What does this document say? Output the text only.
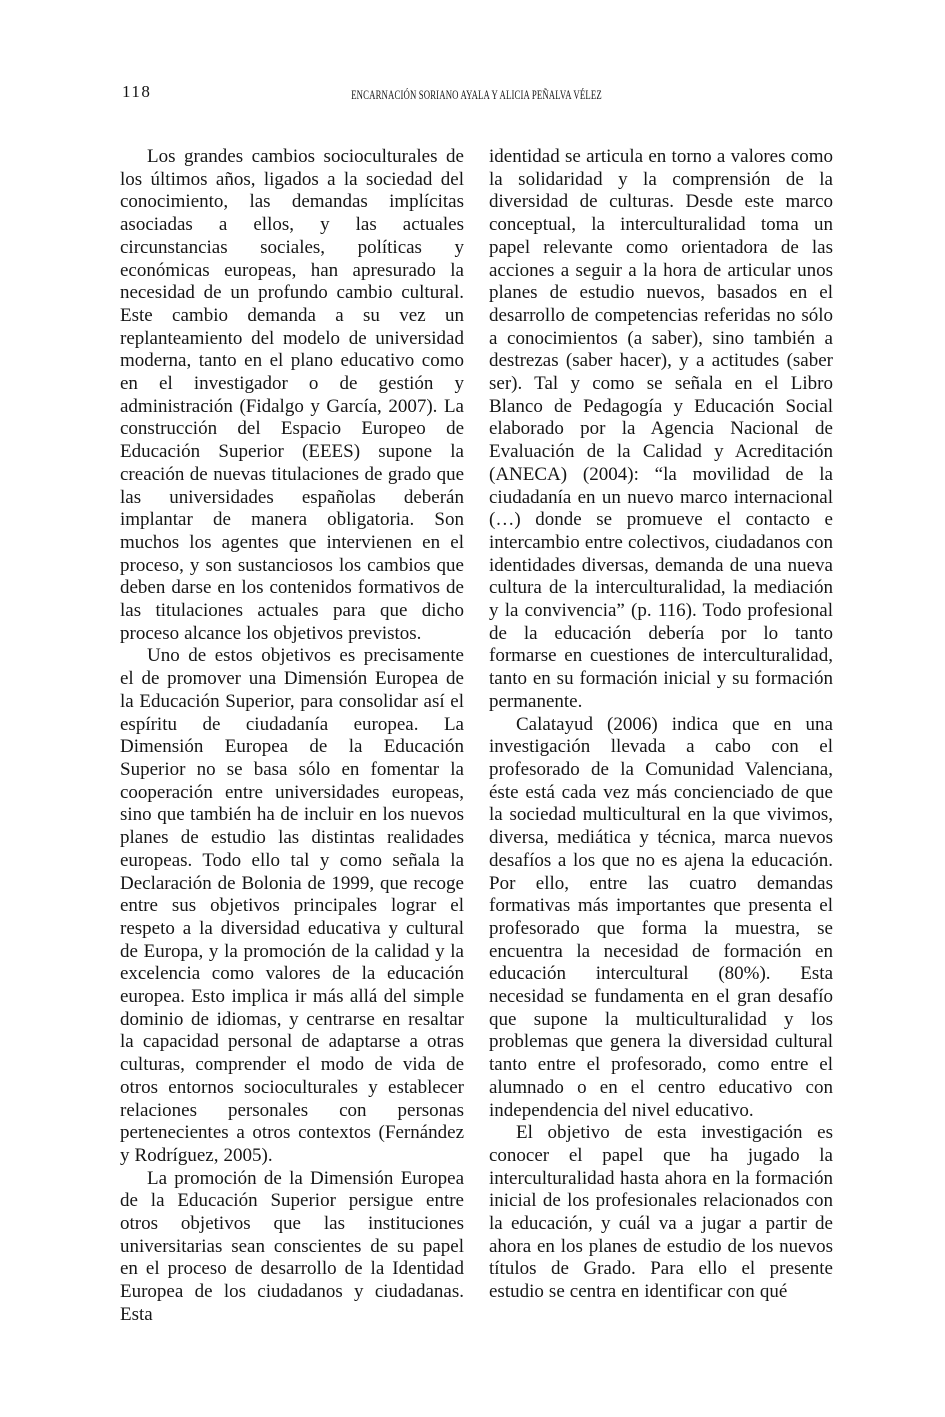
118	ENCARNACIÓN SORIANO AYALA Y ALICIA PEÑALVA VÉLEZ

Los grandes cambios socioculturales de los últimos años, ligados a la sociedad del conocimiento, las demandas implícitas asociadas a ellos, y las actuales circunstancias sociales, políticas y económicas europeas, han apresurado la necesidad de un profundo cambio cultural. Este cambio demanda a su vez un replanteamiento del modelo de universidad moderna, tanto en el plano educativo como en el investigador o de gestión y administración (Fidalgo y García, 2007). La construcción del Espacio Europeo de Educación Superior (EEES) supone la creación de nuevas titulaciones de grado que las universidades españolas deberán implantar de manera obligatoria. Son muchos los agentes que intervienen en el proceso, y son sustanciosos los cambios que deben darse en los contenidos formativos de las titulaciones actuales para que dicho proceso alcance los objetivos previstos.

Uno de estos objetivos es precisamente el de promover una Dimensión Europea de la Educación Superior, para consolidar así el espíritu de ciudadanía europea. La Dimensión Europea de la Educación Superior no se basa sólo en fomentar la cooperación entre universidades europeas, sino que también ha de incluir en los nuevos planes de estudio las distintas realidades europeas. Todo ello tal y como señala la Declaración de Bolonia de 1999, que recoge entre sus objetivos principales lograr el respeto a la diversidad educativa y cultural de Europa, y la promoción de la calidad y la excelencia como valores de la educación europea. Esto implica ir más allá del simple dominio de idiomas, y centrarse en resaltar la capacidad personal de adaptarse a otras culturas, comprender el modo de vida de otros entornos socioculturales y establecer relaciones personales con personas pertenecientes a otros contextos (Fernández y Rodríguez, 2005).

La promoción de la Dimensión Europea de la Educación Superior persigue entre otros objetivos que las instituciones universitarias sean conscientes de su papel en el proceso de desarrollo de la Identidad Europea de los ciudadanos y ciudadanas. Esta

identidad se articula en torno a valores como la solidaridad y la comprensión de la diversidad de culturas. Desde este marco conceptual, la interculturalidad toma un papel relevante como orientadora de las acciones a seguir a la hora de articular unos planes de estudio nuevos, basados en el desarrollo de competencias referidas no sólo a conocimientos (a saber), sino también a destrezas (saber hacer), y a actitudes (saber ser). Tal y como se señala en el Libro Blanco de Pedagogía y Educación Social elaborado por la Agencia Nacional de Evaluación de la Calidad y Acreditación (ANECA) (2004): “la movilidad de la ciudadanía en un nuevo marco internacional (…) donde se promueve el contacto e intercambio entre colectivos, ciudadanos con identidades diversas, demanda de una nueva cultura de la interculturalidad, la mediación y la convivencia” (p. 116). Todo profesional de la educación debería por lo tanto formarse en cuestiones de interculturalidad, tanto en su formación inicial y su formación permanente.

Calatayud (2006) indica que en una investigación llevada a cabo con el profesorado de la Comunidad Valenciana, éste está cada vez más concienciado de que la sociedad multicultural en la que vivimos, diversa, mediática y técnica, marca nuevos desafíos a los que no es ajena la educación. Por ello, entre las cuatro demandas formativas más importantes que presenta el profesorado que forma la muestra, se encuentra la necesidad de formación en educación intercultural (80%). Esta necesidad se fundamenta en el gran desafío que supone la multiculturalidad y los problemas que genera la diversidad cultural tanto entre el profesorado, como entre el alumnado o en el centro educativo con independencia del nivel educativo.

El objetivo de esta investigación es conocer el papel que ha jugado la interculturalidad hasta ahora en la formación inicial de los profesionales relacionados con la educación, y cuál va a jugar a partir de ahora en los planes de estudio de los nuevos títulos de Grado. Para ello el presente estudio se centra en identificar con qué
